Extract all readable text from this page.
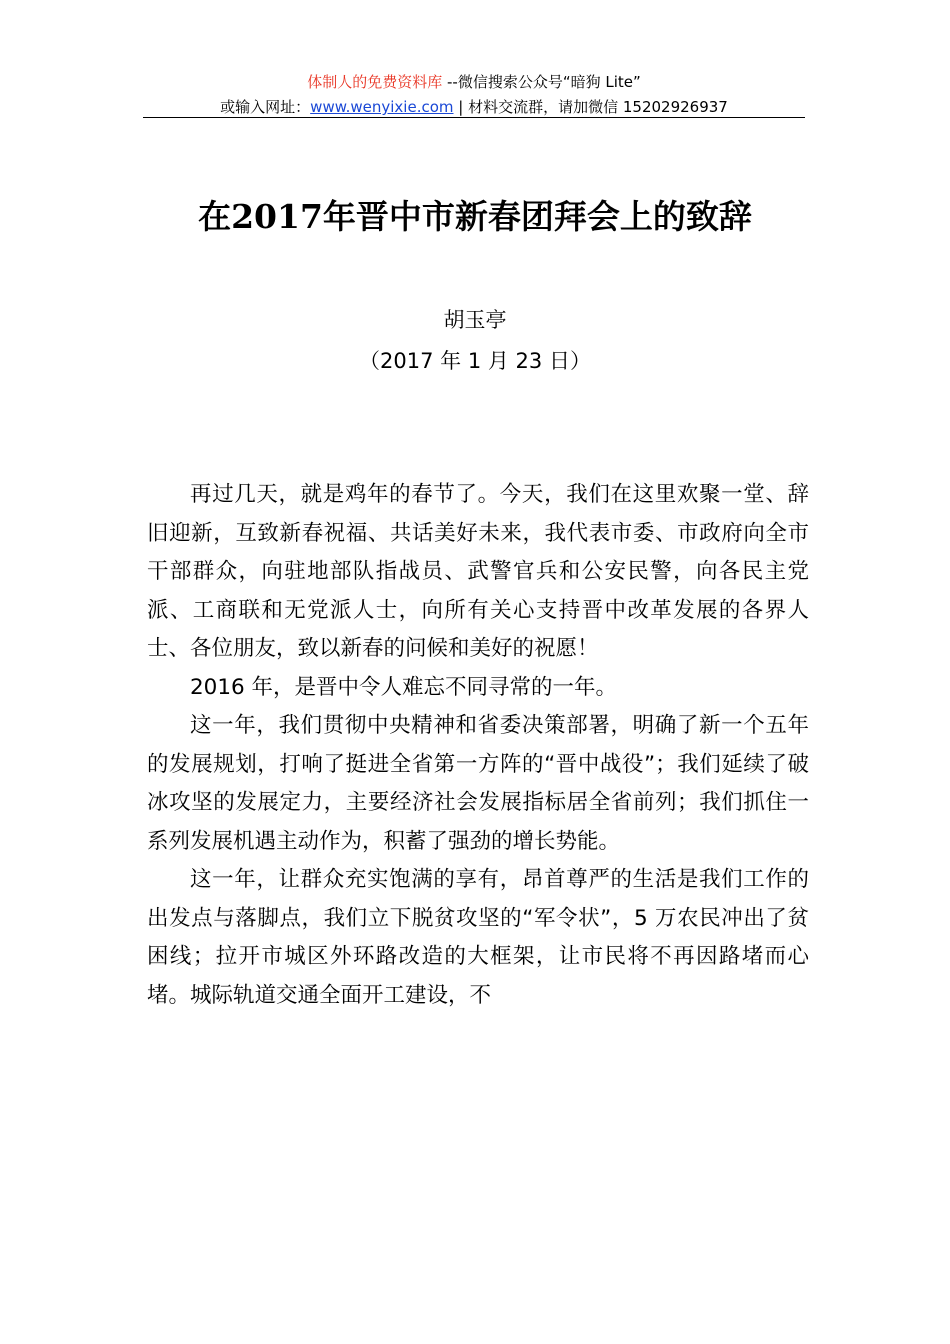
体制人的免费资料库 --微信搜索公众号“暗狗 Lite”
或输入网址：www.wenyixie.com | 材料交流群，请加微信 15202926937
在2017年晋中市新春团拜会上的致辞
胡玉亭
（2017 年 1 月 23 日）

再过几天，就是鸡年的春节了。今天，我们在这里欢聚一堂、辞旧迎新，互致新春祝福、共话美好未来，我代表市委、市政府向全市干部群众，向驻地部队指战员、武警官兵和公安民警，向各民主党派、工商联和无党派人士，向所有关心支持晋中改革发展的各界人士、各位朋友，致以新春的问候和美好的祝愿！

2016 年，是晋中令人难忘不同寻常的一年。

这一年，我们贯彻中央精神和省委决策部署，明确了新一个五年的发展规划，打响了挺进全省第一方阵的“晋中战役”；我们延续了破冰攻坚的发展定力，主要经济社会发展指标居全省前列；我们抓住一系列发展机遇主动作为，积蓄了强劲的增长势能。

这一年，让群众充实饱满的享有，昂首尊严的生活是我们工作的出发点与落脚点，我们立下脱贫攻坚的“军令状”，5 万农民冲出了贫困线；拉开市城区外环路改造的大框架，让市民将不再因路堵而心堵。城际轨道交通全面开工建设，不
